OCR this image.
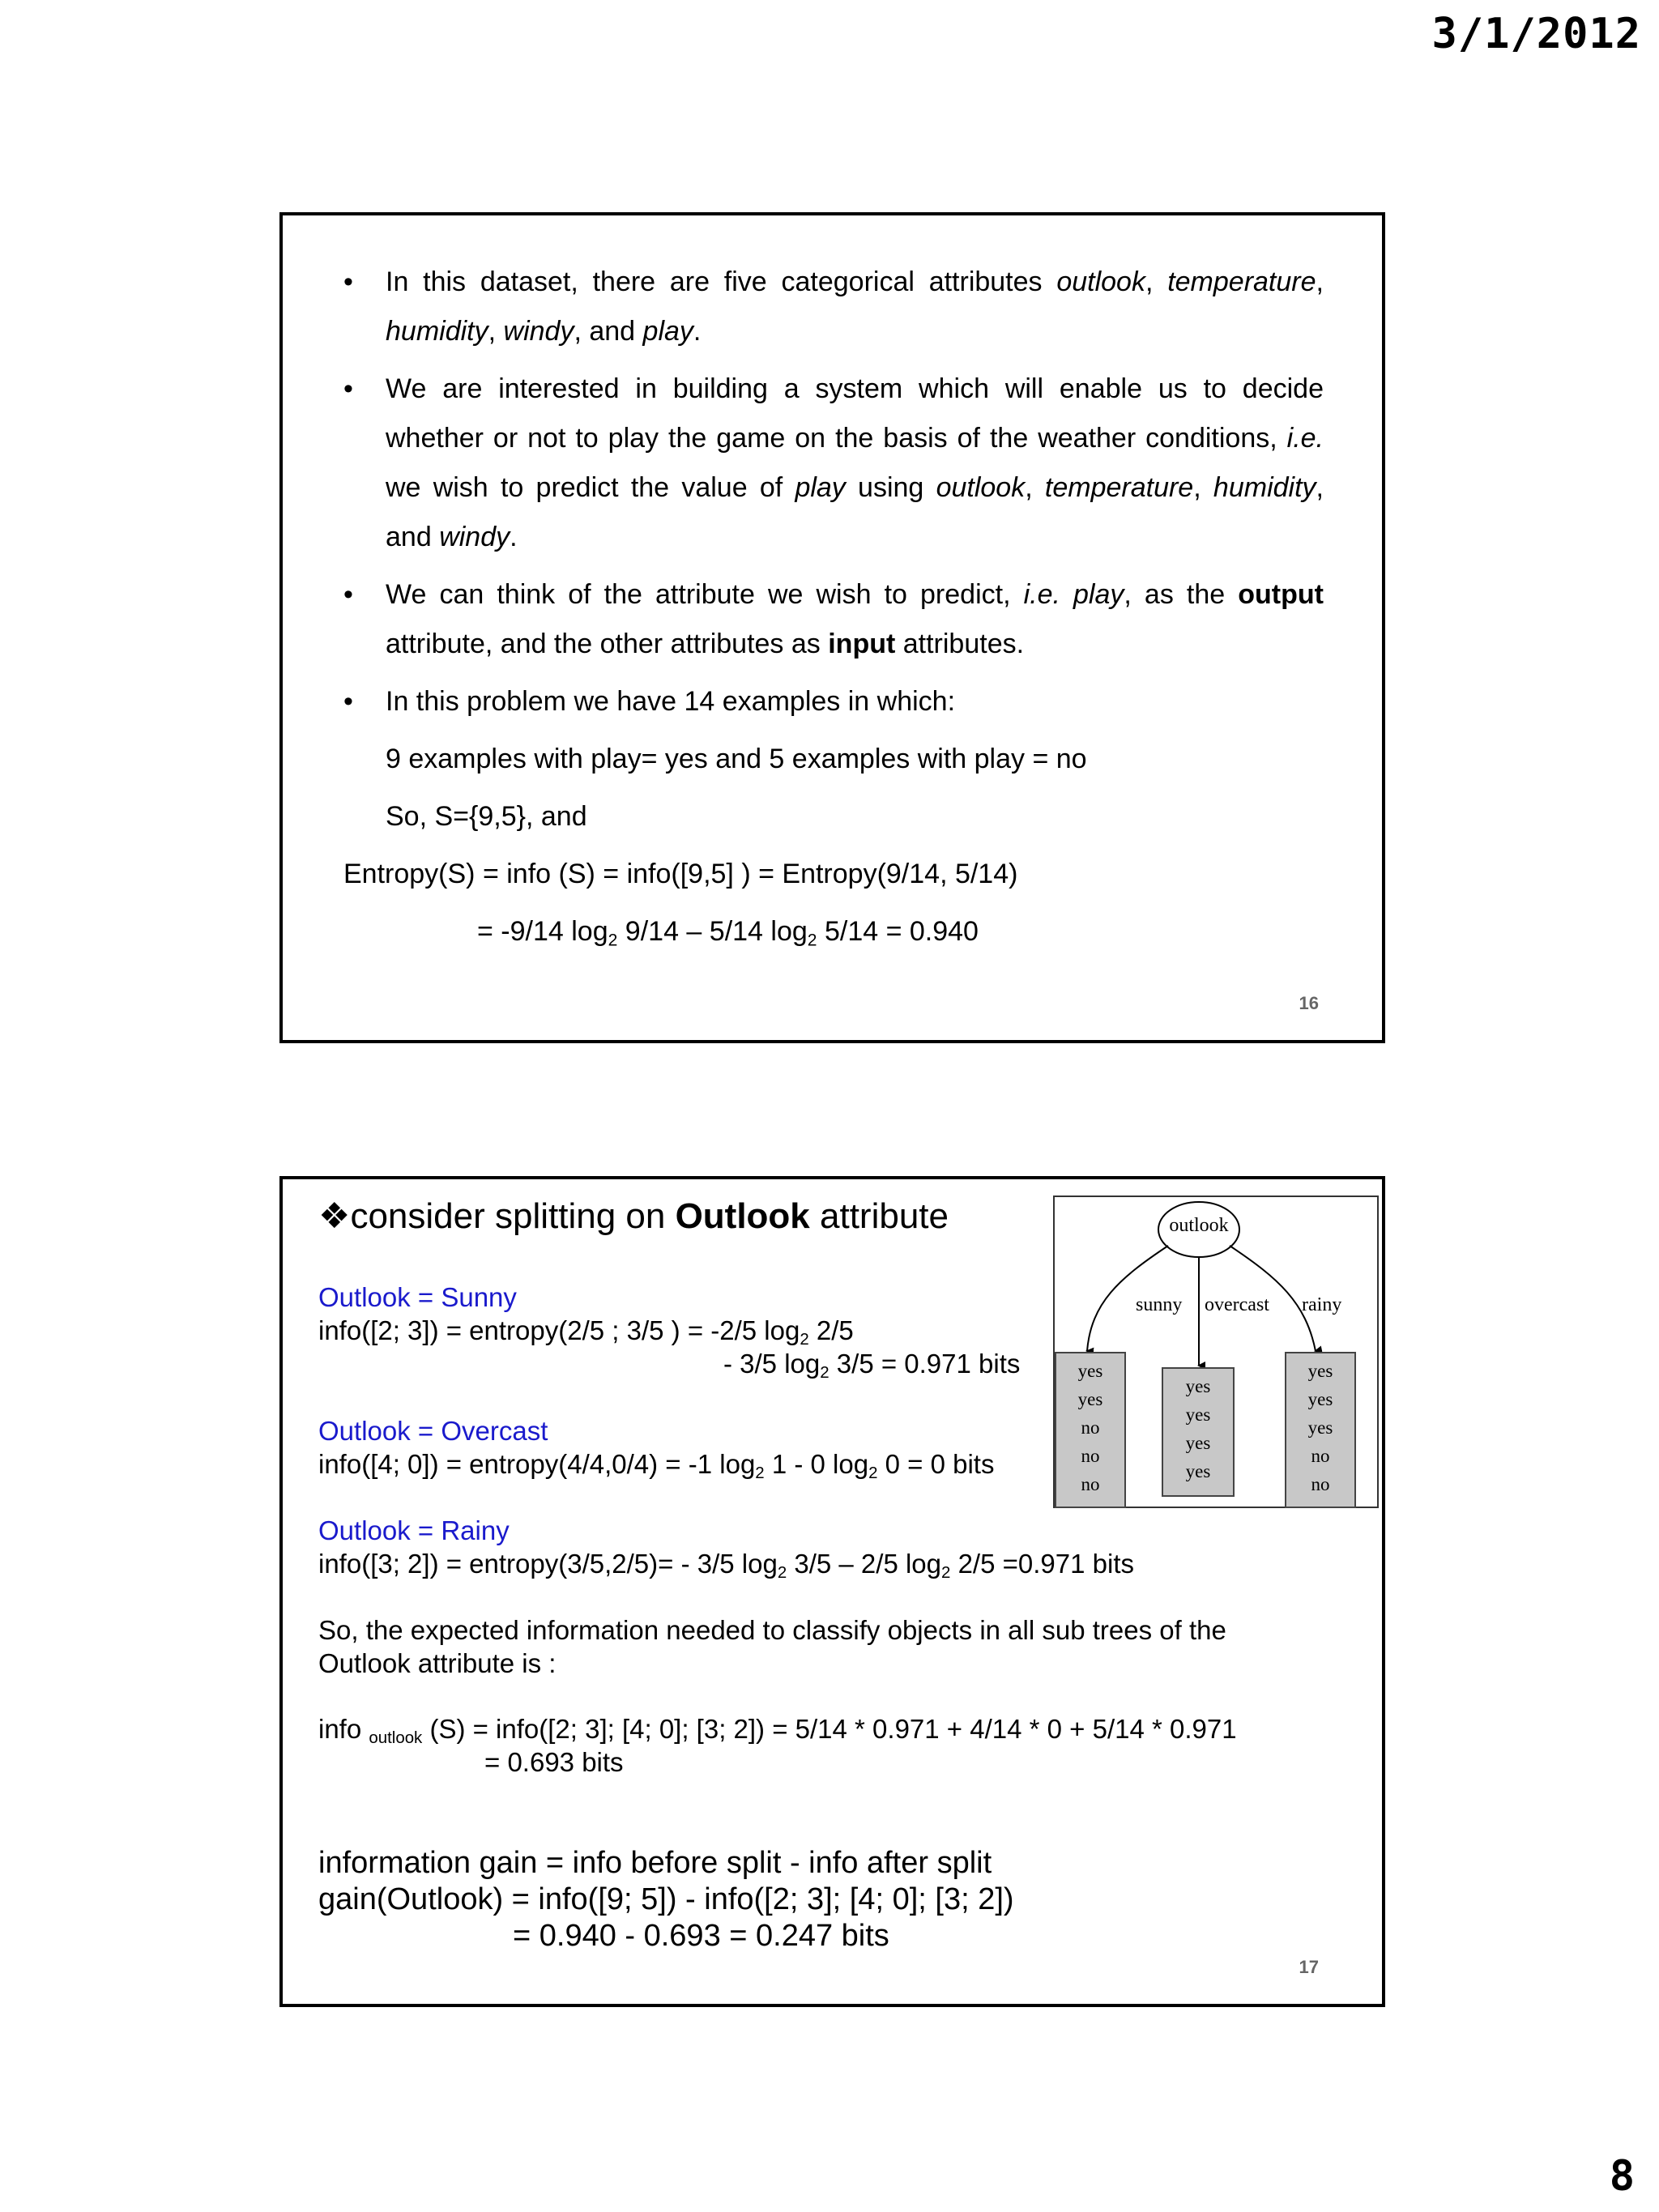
3/1/2012
• In this dataset, there are five categorical attributes outlook, temperature, humidity, windy, and play.
• We are interested in building a system which will enable us to decide whether or not to play the game on the basis of the weather conditions, i.e. we wish to predict the value of play using outlook, temperature, humidity, and windy.
• We can think of the attribute we wish to predict, i.e. play, as the output attribute, and the other attributes as input attributes.
• In this problem we have 14 examples in which:
9 examples with play= yes and 5 examples with play = no
So, S={9,5}, and
Entropy(S) = info (S) = info([9,5] ) = Entropy(9/14, 5/14)
= -9/14 $\log_2 9/14 - 5/14$ $\log_2 5/14 = 0.940$
16
❖consider splitting on Outlook attribute
Outlook = Sunny
info([2; 3]) = entropy(2/5 ; 3/5 ) = -2/5 $\log_2 2/5$
- 3/5 $\log_2 3/5 = 0.971$ bits
Outlook = Overcast
info([4; 0]) = entropy(4/4,0/4) = -1 $\log_2 1 - 0$ $\log_2 0 = 0$ bits
Outlook = Rainy
info([3; 2]) = entropy(3/5,2/5)= - 3/5 $\log_2 3/5 - 2/5$ $\log_2 2/5 =0.971$ bits
So, the expected information needed to classify objects in all sub trees of the
Outlook attribute is :
info $_{outlook}$ (S) = info([2; 3]; [4; 0]; [3; 2]) = 5/14 * 0.971 + 4/14 * 0 + 5/14 * 0.971
= 0.693 bits
information gain = info before split - info after split
gain(Outlook) = info([9; 5]) - info([2; 3]; [4; 0]; [3; 2])
= 0.940 - 0.693 = 0.247 bits
outlook
sunny overcast rainy
yes
yes
no
no
no
yes
yes
yes
yes
yes
yes
yes
no
no
17
8
